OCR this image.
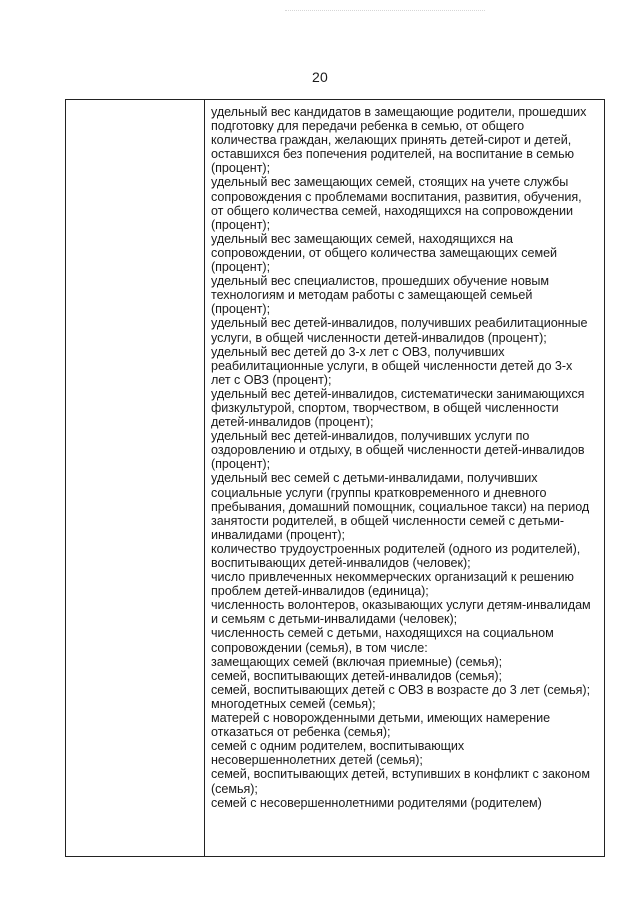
20
удельный вес кандидатов в замещающие родители, прошедших
подготовку для передачи ребенка в семью, от общего
количества граждан, желающих принять детей-сирот и детей,
оставшихся без попечения родителей, на воспитание в семью
(процент);
удельный вес замещающих семей, стоящих на учете службы
сопровождения с проблемами воспитания, развития, обучения,
от общего количества семей, находящихся на сопровождении
(процент);
удельный вес замещающих семей, находящихся на
сопровождении, от общего количества замещающих семей
(процент);
удельный вес специалистов, прошедших обучение новым
технологиям и методам работы с замещающей семьей
(процент);
удельный вес детей-инвалидов, получивших реабилитационные
услуги, в общей численности детей-инвалидов (процент);
удельный вес детей до 3-х лет с ОВЗ, получивших
реабилитационные услуги, в общей численности детей до 3-х
лет с ОВЗ (процент);
удельный вес детей-инвалидов, систематически занимающихся
физкультурой, спортом, творчеством, в общей численности
детей-инвалидов (процент);
удельный вес детей-инвалидов, получивших услуги по
оздоровлению и отдыху, в общей численности детей-инвалидов
(процент);
удельный вес семей с детьми-инвалидами, получивших
социальные услуги (группы кратковременного и дневного
пребывания, домашний помощник, социальное такси) на период
занятости родителей, в общей численности семей с детьми-
инвалидами (процент);
количество трудоустроенных родителей (одного из родителей),
воспитывающих детей-инвалидов (человек);
число привлеченных некоммерческих организаций к решению
проблем детей-инвалидов (единица);
численность волонтеров, оказывающих услуги детям-инвалидам
и семьям с детьми-инвалидами (человек);
численность семей с детьми, находящихся на социальном
сопровождении (семья), в том числе:
замещающих семей (включая приемные) (семья);
семей, воспитывающих детей-инвалидов (семья);
семей, воспитывающих детей с ОВЗ в возрасте до 3 лет (семья);
многодетных семей (семья);
матерей с новорожденными детьми, имеющих намерение
отказаться от ребенка (семья);
семей с одним родителем, воспитывающих
несовершеннолетних детей (семья);
семей, воспитывающих детей, вступивших в конфликт с законом
(семья);
семей с несовершеннолетними родителями (родителем)
